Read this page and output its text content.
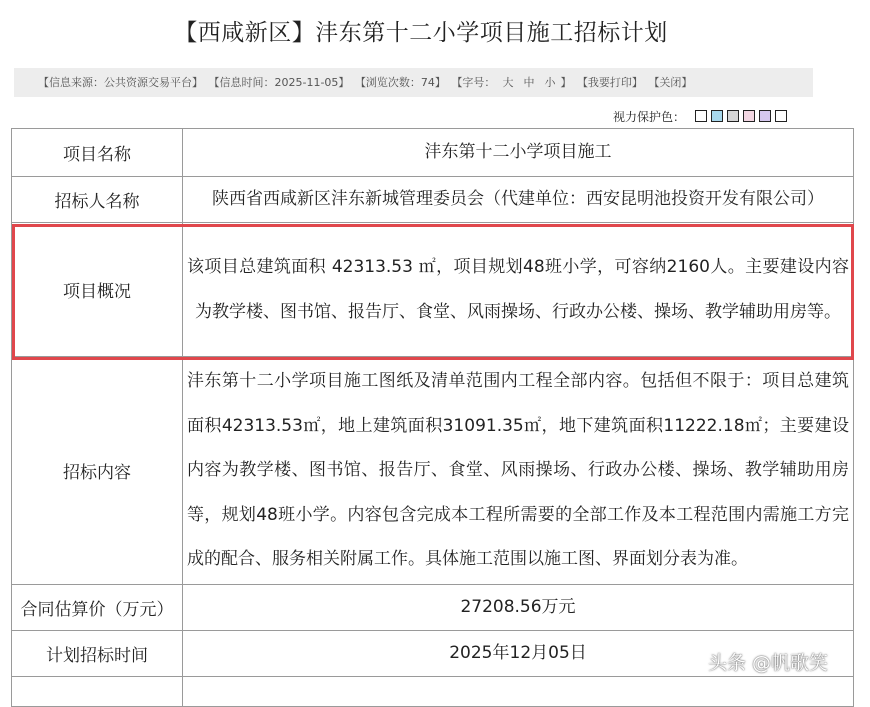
【西咸新区】沣东第十二小学项目施工招标计划
【信息来源：公共资源交易平台】 【信息时间：2025-11-05】 【浏览次数：74】 【字号： 大 中 小 】 【我要打印】 【关闭】
视力保护色：
项目名称	沣东第十二小学项目施工
招标人名称	陕西省西咸新区沣东新城管理委员会（代建单位：西安昆明池投资开发有限公司）
项目概况	该项目总建筑面积 42313.53 ㎡，项目规划48班小学，可容纳2160人。主要建设内容为教学楼、图书馆、报告厅、食堂、风雨操场、行政办公楼、操场、教学辅助用房等。
招标内容	沣东第十二小学项目施工图纸及清单范围内工程全部内容。包括但不限于：项目总建筑面积42313.53㎡，地上建筑面积31091.35㎡，地下建筑面积11222.18㎡；主要建设内容为教学楼、图书馆、报告厅、食堂、风雨操场、行政办公楼、操场、教学辅助用房等，规划48班小学。内容包含完成本工程所需要的全部工作及本工程范围内需施工方完成的配合、服务相关附属工作。具体施工范围以施工图、界面划分表为准。
合同估算价（万元）	27208.56万元
计划招标时间	2025年12月05日
		头条 @帆歌笑
